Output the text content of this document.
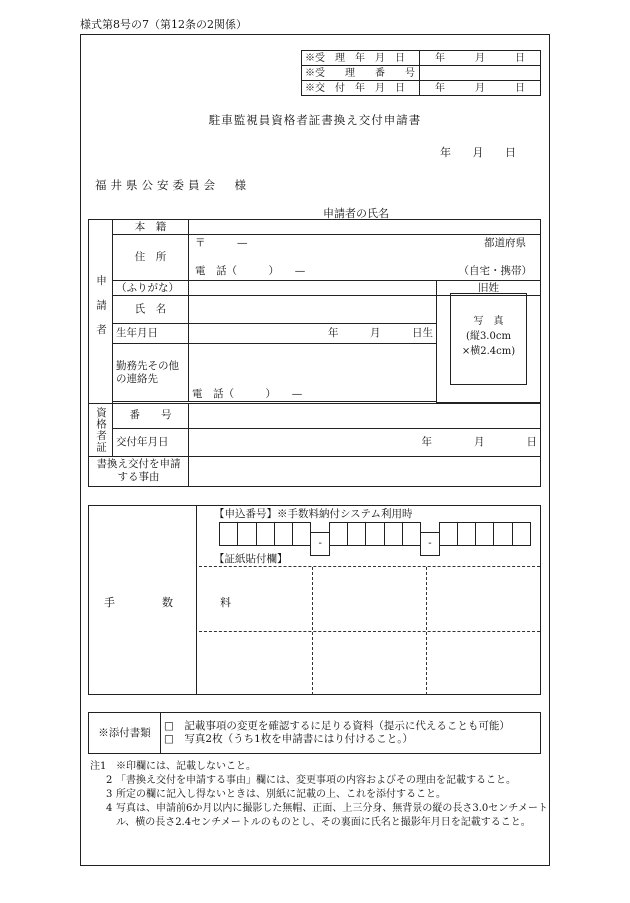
様式第8号の7（第12条の2関係）
※受　理　年　月　日	年　　　月　　　日
※受　　理　　番　　号	
※交　付　年　月　日	年　　　月　　　日
駐車監視員資格者証書換え交付申請書
年 月 日
福井県公安委員会　様
申請者の氏名
申請者	本　籍		
	住　所	〒　　　— 都道府県
電　話（　　　）　　— （自宅・携帯）	

	（ふりがな）		旧姓
	氏　名		
	生年月日	年　　　月　　　日生	
	勤務先その他の連絡先	電　話（　　　）　　—	

資格者証	番　　号		
	交付年月日	年　　　　月　　　　日	
書換え交付を申請する事由			
写　真
(縦3.0cm
×横2.4cm)
手　数　料
【申込番号】※手数料納付システム利用時
-	-
【証紙貼付欄】
※添付書類	
□　記載事項の変更を確認するに足りる資料（提示に代えることも可能）
□　写真2枚（うち1枚を申請書にはり付けること。）
注1 ※印欄には、記載しないこと。
2 「書換え交付を申請する事由」欄には、変更事項の内容およびその理由を記載すること。
3 所定の欄に記入し得ないときは、別紙に記載の上、これを添付すること。
4 写真は、申請前6か月以内に撮影した無帽、正面、上三分身、無背景の縦の長さ3.0センチメートル、横の長さ2.4センチメートルのものとし、その裏面に氏名と撮影年月日を記載すること。
